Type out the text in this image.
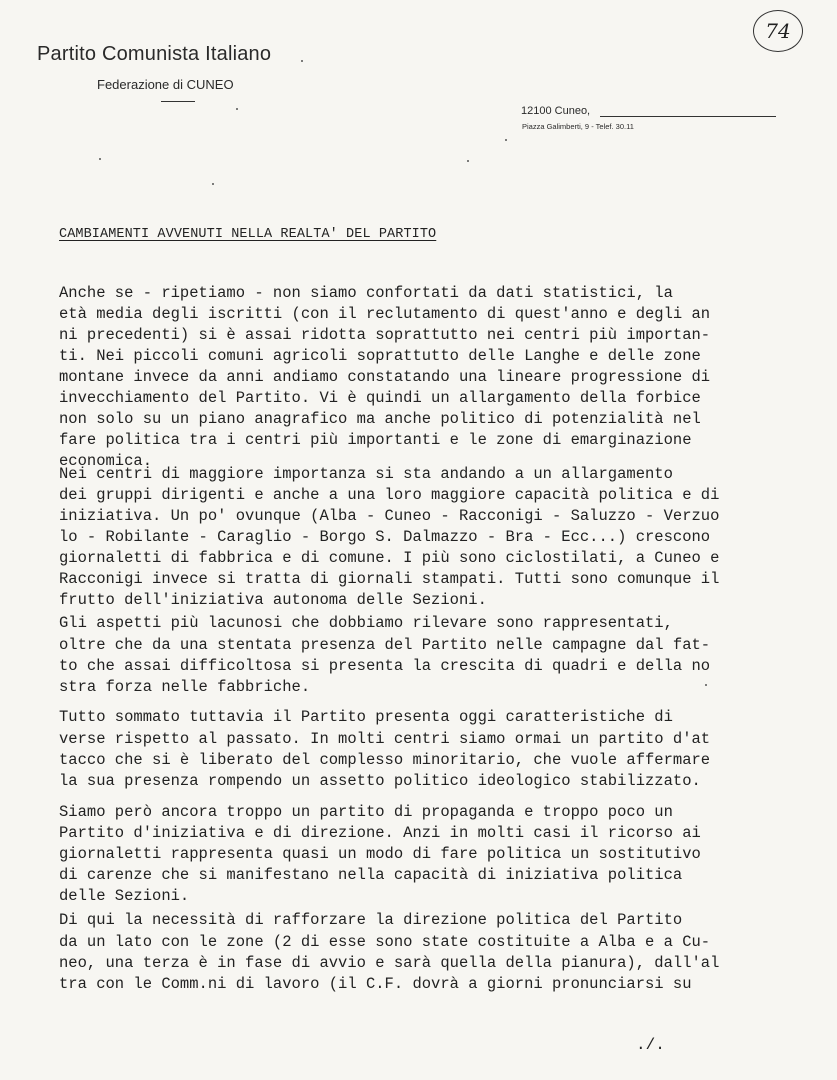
Partito Comunista Italiano
Federazione di CUNEO
12100 Cuneo,
Piazza Galimberti, 9 - Telef. 30.11
74
CAMBIAMENTI AVVENUTI NELLA REALTA' DEL PARTITO
Anche se - ripetiamo - non siamo confortati da dati statistici, la
età media degli iscritti (con il reclutamento di quest'anno e degli an
ni precedenti) si è assai ridotta soprattutto nei centri più importan-
ti. Nei piccoli comuni agricoli soprattutto delle Langhe e delle zone
montane invece da anni andiamo constatando una lineare progressione di
invecchiamento del Partito. Vi è quindi un allargamento della forbice
non solo su un piano anagrafico ma anche politico di potenzialità nel
fare politica tra i centri più importanti e le zone di emarginazione
economica.
Nei centri di maggiore importanza si sta andando a un allargamento
dei gruppi dirigenti e anche a una loro maggiore capacità politica e di
iniziativa. Un po' ovunque (Alba - Cuneo - Racconigi - Saluzzo - Verzuo
lo - Robilante - Caraglio - Borgo S. Dalmazzo - Bra - Ecc...) crescono
giornaletti di fabbrica e di comune. I più sono ciclostilati, a Cuneo e
Racconigi invece si tratta di giornali stampati. Tutti sono comunque il
frutto dell'iniziativa autonoma delle Sezioni.
Gli aspetti più lacunosi che dobbiamo rilevare sono rappresentati,
oltre che da una stentata presenza del Partito nelle campagne dal fat-
to che assai difficoltosa si presenta la crescita di quadri e della no
stra forza nelle fabbriche.
Tutto sommato tuttavia il Partito presenta oggi caratteristiche di
verse rispetto al passato. In molti centri siamo ormai un partito d'at
tacco che si è liberato del complesso minoritario, che vuole affermare
la sua presenza rompendo un assetto politico ideologico stabilizzato.
Siamo però ancora troppo un partito di propaganda e troppo poco un
Partito d'iniziativa e di direzione. Anzi in molti casi il ricorso ai
giornaletti rappresenta quasi un modo di fare politica un sostitutivo
di carenze che si manifestano nella capacità di iniziativa politica
delle Sezioni.
Di qui la necessità di rafforzare la direzione politica del Partito
da un lato con le zone (2 di esse sono state costituite a Alba e a Cu-
neo, una terza è in fase di avvio e sarà quella della pianura), dall'al
tra con le Comm.ni di lavoro (il C.F. dovrà a giorni pronunciarsi su
./.
